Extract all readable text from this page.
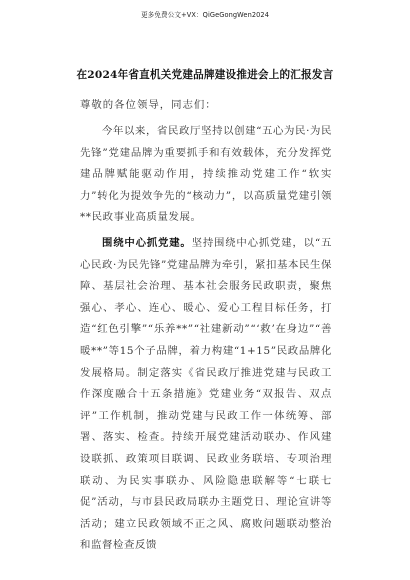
更多免费公文+VX：QiGeGongWen2024
在2024年省直机关党建品牌建设推进会上的汇报发言
尊敬的各位领导，同志们：
今年以来，省民政厅坚持以创建“五心为民·为民先锋”党建品牌为重要抓手和有效载体，充分发挥党建品牌赋能驱动作用，持续推动党建工作“软实力”转化为提效争先的“核动力”，以高质量党建引领**民政事业高质量发展。
围绕中心抓党建。坚持围绕中心抓党建，以“五心民政·为民先锋”党建品牌为牵引，紧扣基本民生保障、基层社会治理、基本社会服务民政职责，聚焦强心、孝心、连心、暖心、爱心工程目标任务，打造“红色引擎”“乐养**”“社建新动”“‘救’在身边”“善暖**”等15个子品牌，着力构建“1+15”民政品牌化发展格局。制定落实《省民政厅推进党建与民政工作深度融合十五条措施》党建业务“双报告、双点评”工作机制，推动党建与民政工作一体统筹、部署、落实、检查。持续开展党建活动联办、作风建设联抓、政策项目联调、民政业务联培、专项治理联动、为民实事联办、风险隐患联解等“七联七促”活动，与市县民政局联办主题党日、理论宣讲等活动；建立民政领域不正之风、腐败问题联动整治和监督检查反馈
